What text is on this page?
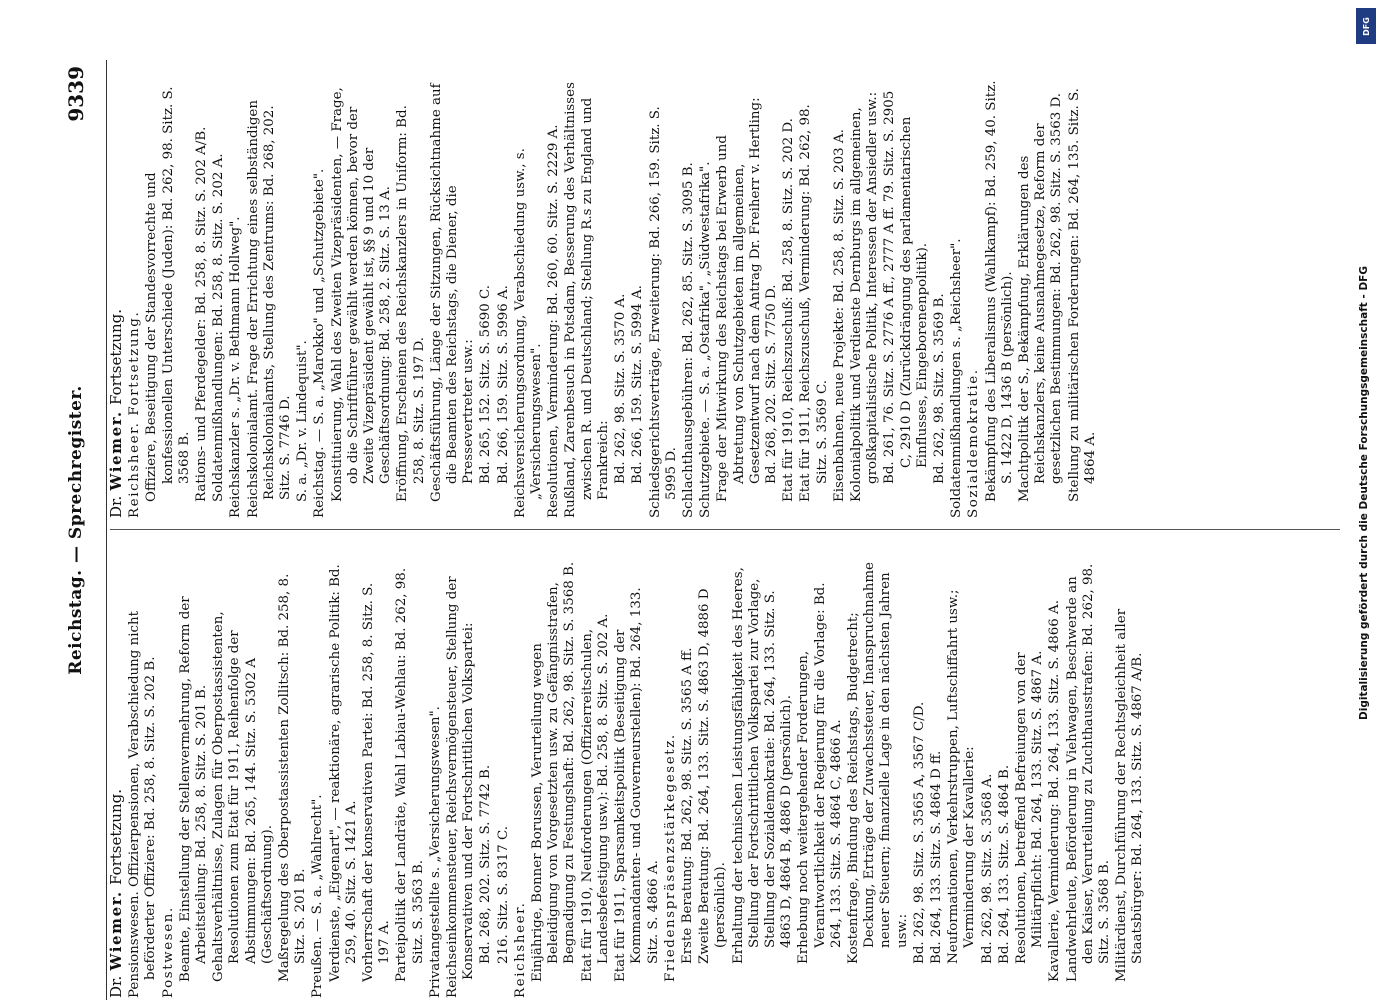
Reichstag. — Sprechregister.
9339
Dr. Wiemer. Fortsetzung. Pensionswesen. Offizierpensionen, Verabschiedung nicht beförderter Offiziere: Bd. 258, 8. Sitz. S. 202 B. Postwesen. Beamte, Einstellung der Stellenvermehrung, Reform der Arbeitsteilung: Bd. 258, 8. Sitz. S. 201 B. Gehaltsverhältnisse, Zulagen für Oberpostassistenten, Resolutionen zum Etat für 1911, Reihenfolge der Abstimmungen: Bd. 265, 144. Sitz. S. 5302 A (Geschäftsordnung). Maßregelung des Oberpostassistenten Zollitsch: Bd. 258, 8. Sitz. S. 201 B. Preußen. — S. a. „Wahlrecht". Verdienste, „Eigenart", — reaktionäre, agrarische Politik: Bd. 259, 40. Sitz. S. 1421 A. Vorherrschaft der konservativen Partei: Bd. 258, 8. Sitz. S. 197 A. Parteipolitik der Landräte, Wahl Labiau-Wehlau: Bd. 262, 98. Sitz. S. 3563 B. Privatangestellte s. „Versicherungswesen". Reichseinkommensteuer, Reichsvermögensteuer, Stellung der Konservativen und der Fortschrittlichen Volkspartei: Bd. 268, 202. Sitz. S. 7742 B. 216. Sitz. S. 8317 C. Reichsheer. Einjährige, Bonner Borussen, Verurteilung wegen Beleidigung von Vorgesetzten usw. zu Gefängnisstrafen, Begnadigung zu Festungshaft: Bd. 262, 98. Sitz. S. 3568 B. Etat für 1910, Neuforderungen (Offizierreitschulen, Landesbefestigung usw.): Bd. 258, 8. Sitz. S. 202 A. Etat für 1911, Sparsamkeitspolitik (Beseitigung der Kommandanten- und Gouverneurstellen): Bd. 264, 133. Sitz. S. 4866 A. Friedenspräsenzstärkegesetz. Erste Beratung: Bd. 262, 98. Sitz. S. 3565 A ff. Zweite Beratung: Bd. 264, 133. Sitz. S. 4863 D, 4886 D (persönlich). Erhaltung der technischen Leistungsfähigkeit des Heeres, Stellung der Fortschrittlichen Volkspartei zur Vorlage, Stellung der Sozialdemokratie: Bd. 264, 133. Sitz. S. 4863 D, 4864 B, 4886 D (persönlich). Erhebung noch weitergehender Forderungen, Verantwortlichkeit der Regierung für die Vorlage: Bd. 264, 133. Sitz. S. 4864 C, 4866 A. Kostenfrage, Bindung des Reichstags, Budgetrecht; Deckung, Erträge der Zuwachssteuer, Inanspruchnahme neuer Steuern; finanzielle Lage in den nächsten Jahren usw.: Bd. 262, 98. Sitz. S. 3565 A, 3567 C/D. Bd. 264, 133. Sitz. S. 4864 D ff. Neuformationen, Verkehrstruppen, Luftschiffahrt usw.; Verminderung der Kavallerie: Bd. 262, 98. Sitz. S. 3568 A. Bd. 264, 133. Sitz. S. 4864 B. Resolutionen, betreffend Befreiungen von der Militärpflicht: Bd. 264, 133. Sitz. S. 4867 A. Kavallerie, Verminderung: Bd. 264, 133. Sitz. S. 4866 A. Landwehrleute, Beförderung in Viehwagen, Beschwerde an den Kaiser, Verurteilung zu Zuchthausstrafen: Bd. 262, 98. Sitz. S. 3568 B. Militärdienst, Durchführung der Rechtsgleichheit aller Staatsbürger: Bd. 264, 133. Sitz. S. 4867 A/B.

Dr. Wiemer. Fortsetzung. Reichsheer. Fortsetzung. Offiziere, Beseitigung der Standesvorrechte und konfessionellen Unterschiede (Juden): Bd. 262, 98. Sitz. S. 3568 B. Rations- und Pferdegelder: Bd. 258, 8. Sitz. S. 202 A/B. Soldatenmißhandlungen: Bd. 258, 8. Sitz. S. 202 A. Reichskanzler s. „Dr. v. Bethmann Hollweg". Reichskolonialamt. Frage der Errichtung eines selbständigen Reichskolonialamts, Stellung des Zentrums: Bd. 268, 202. Sitz. S. 7746 D. S. a. „Dr. v. Lindequist". Reichstag. — S. a. „Marokko" und „Schutzgebiete". Konstituierung, Wahl des Zweiten Vizepräsidenten, — Frage, ob die Schriftführer gewählt werden können, bevor der Zweite Vizepräsident gewählt ist, §§ 9 und 10 der Geschäftsordnung: Bd. 258, 2. Sitz. S. 13 A. Eröffnung, Erscheinen des Reichskanzlers in Uniform: Bd. 258, 8. Sitz. S. 197 D. Geschäftsführung, Länge der Sitzungen, Rücksichtnahme auf die Beamten des Reichstags, die Diener, die Pressevertreter usw.: Bd. 265, 152. Sitz. S. 5690 C. Bd. 266, 159. Sitz. S. 5996 A. Reichsversicherungsordnung, Verabschiedung usw., s. „Versicherungswesen". Resolutionen, Verminderung: Bd. 260, 60. Sitz. S. 2229 A. Rußland, Zarenbesuch in Potsdam, Besserung des Verhältnisses zwischen R. und Deutschland; Stellung R.s zu England und Frankreich: Bd. 262, 98. Sitz. S. 3570 A. Bd. 266, 159. Sitz. S. 5994 A. Schiedsgerichtsverträge, Erweiterung: Bd. 266, 159. Sitz. S. 5995 D. Schlachthausgebühren: Bd. 262, 85. Sitz. S. 3095 B. Schutzgebiete. — S. a. „Ostafrika", „Südwestafrika". Frage der Mitwirkung des Reichstags bei Erwerb und Abtretung von Schutzgebieten im allgemeinen, Gesetzentwurf nach dem Antrag Dr. Freiherr v. Hertling: Bd. 268, 202. Sitz. S. 7750 D. Etat für 1910, Reichszuschuß: Bd. 258, 8. Sitz. S. 202 D. Etat für 1911, Reichszuschuß, Verminderung: Bd. 262, 98. Sitz. S. 3569 C. Eisenbahnen, neue Projekte: Bd. 258, 8. Sitz. S. 203 A. Kolonialpolitik und Verdienste Dernburgs im allgemeinen, großkapitalistische Politik, Interessen der Ansiedler usw.: Bd. 261, 76. Sitz. S. 2776 A ff., 2777 A ff. 79. Sitz. S. 2905 C, 2910 D (Zurückdrängung des parlamentarischen Einflusses, Eingeborenenpolitik). Bd. 262, 98. Sitz. S. 3569 B. Soldatenmißhandlungen s. „Reichsheer". Sozialdemokratie. Bekämpfung des Liberalismus (Wahlkampf): Bd. 259, 40. Sitz. S. 1422 D, 1436 B (persönlich). Machtpolitik der S., Bekämpfung, Erklärungen des Reichskanzlers, keine Ausnahmegesetze, Reform der gesetzlichen Bestimmungen: Bd. 262, 98. Sitz. S. 3563 D. Stellung zu militärischen Forderungen: Bd. 264, 135. Sitz. S. 4864 A.	Digitalisierung gefördert durch die Deutsche Forschungsgemeinschaft - DFG
DFG
